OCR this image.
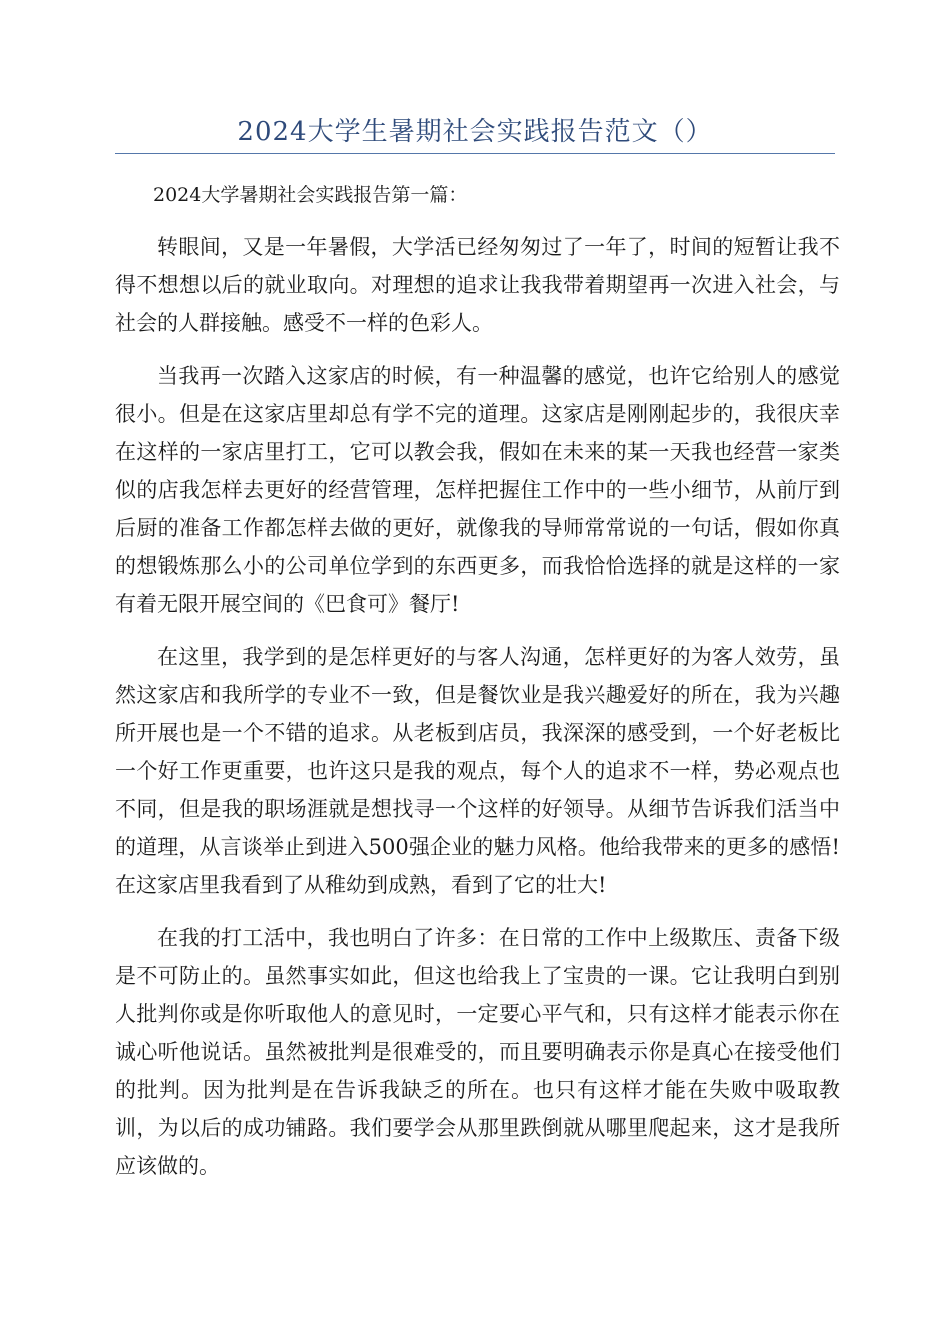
2024大学生暑期社会实践报告范文（）

2024大学暑期社会实践报告第一篇：

转眼间，又是一年暑假，大学活已经匆匆过了一年了，时间的短暂让我不得不想想以后的就业取向。对理想的追求让我我带着期望再一次进入社会，与社会的人群接触。感受不一样的色彩人。

当我再一次踏入这家店的时候，有一种温馨的感觉，也许它给别人的感觉很小。但是在这家店里却总有学不完的道理。这家店是刚刚起步的，我很庆幸在这样的一家店里打工，它可以教会我，假如在未来的某一天我也经营一家类似的店我怎样去更好的经营管理，怎样把握住工作中的一些小细节，从前厅到后厨的准备工作都怎样去做的更好，就像我的导师常常说的一句话，假如你真的想锻炼那么小的公司单位学到的东西更多，而我恰恰选择的就是这样的一家有着无限开展空间的《巴食可》餐厅!

在这里，我学到的是怎样更好的与客人沟通，怎样更好的为客人效劳，虽然这家店和我所学的专业不一致，但是餐饮业是我兴趣爱好的所在，我为兴趣所开展也是一个不错的追求。从老板到店员，我深深的感受到，一个好老板比一个好工作更重要，也许这只是我的观点，每个人的追求不一样，势必观点也不同，但是我的职场涯就是想找寻一个这样的好领导。从细节告诉我们活当中的道理，从言谈举止到进入500强企业的魅力风格。他给我带来的更多的感悟!在这家店里我看到了从稚幼到成熟，看到了它的壮大!

在我的打工活中，我也明白了许多：在日常的工作中上级欺压、责备下级是不可防止的。虽然事实如此，但这也给我上了宝贵的一课。它让我明白到别人批判你或是你听取他人的意见时，一定要心平气和，只有这样才能表示你在诚心听他说话。虽然被批判是很难受的，而且要明确表示你是真心在接受他们的批判。因为批判是在告诉我缺乏的所在。也只有这样才能在失败中吸取教训，为以后的成功铺路。我们要学会从那里跌倒就从哪里爬起来，这才是我所应该做的。
